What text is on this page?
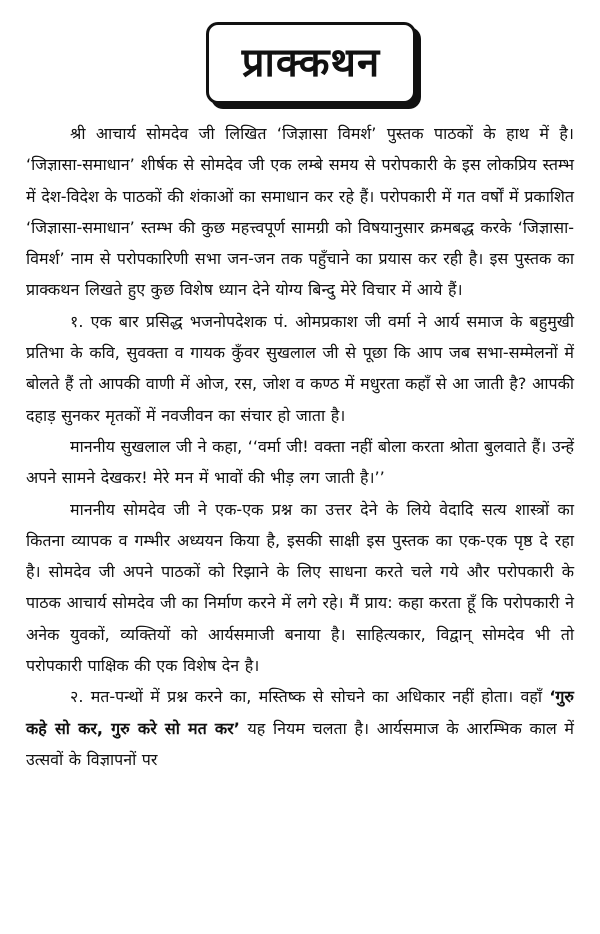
प्राक्कथन

श्री आचार्य सोमदेव जी लिखित ‘जिज्ञासा विमर्श’ पुस्तक पाठकों के हाथ में है। ‘जिज्ञासा-समाधान’ शीर्षक से सोमदेव जी एक लम्बे समय से परोपकारी के इस लोकप्रिय स्तम्भ में देश-विदेश के पाठकों की शंकाओं का समाधान कर रहे हैं। परोपकारी में गत वर्षों में प्रकाशित ‘जिज्ञासा-समाधान’ स्तम्भ की कुछ महत्त्वपूर्ण सामग्री को विषयानुसार क्रमबद्ध करके ‘जिज्ञासा-विमर्श’ नाम से परोपकारिणी सभा जन-जन तक पहुँचाने का प्रयास कर रही है। इस पुस्तक का प्राक्कथन लिखते हुए कुछ विशेष ध्यान देने योग्य बिन्दु मेरे विचार में आये हैं।

१. एक बार प्रसिद्ध भजनोपदेशक पं. ओमप्रकाश जी वर्मा ने आर्य समाज के बहुमुखी प्रतिभा के कवि, सुवक्ता व गायक कुँवर सुखलाल जी से पूछा कि आप जब सभा-सम्मेलनों में बोलते हैं तो आपकी वाणी में ओज, रस, जोश व कण्ठ में मधुरता कहाँ से आ जाती है? आपकी दहाड़ सुनकर मृतकों में नवजीवन का संचार हो जाता है।

माननीय सुखलाल जी ने कहा, ‘‘वर्मा जी! वक्ता नहीं बोला करता श्रोता बुलवाते हैं। उन्हें अपने सामने देखकर! मेरे मन में भावों की भीड़ लग जाती है।’’

माननीय सोमदेव जी ने एक-एक प्रश्न का उत्तर देने के लिये वेदादि सत्य शास्त्रों का कितना व्यापक व गम्भीर अध्ययन किया है, इसकी साक्षी इस पुस्तक का एक-एक पृष्ठ दे रहा है। सोमदेव जी अपने पाठकों को रिझाने के लिए साधना करते चले गये और परोपकारी के पाठक आचार्य सोमदेव जी का निर्माण करने में लगे रहे। मैं प्राय: कहा करता हूँ कि परोपकारी ने अनेक युवकों, व्यक्तियों को आर्यसमाजी बनाया है। साहित्यकार, विद्वान् सोमदेव भी तो परोपकारी पाक्षिक की एक विशेष देन है।

२. मत-पन्थों में प्रश्न करने का, मस्तिष्क से सोचने का अधिकार नहीं होता। वहाँ ‘गुरु कहे सो कर, गुरु करे सो मत कर’ यह नियम चलता है। आर्यसमाज के आरम्भिक काल में उत्सवों के विज्ञापनों पर
